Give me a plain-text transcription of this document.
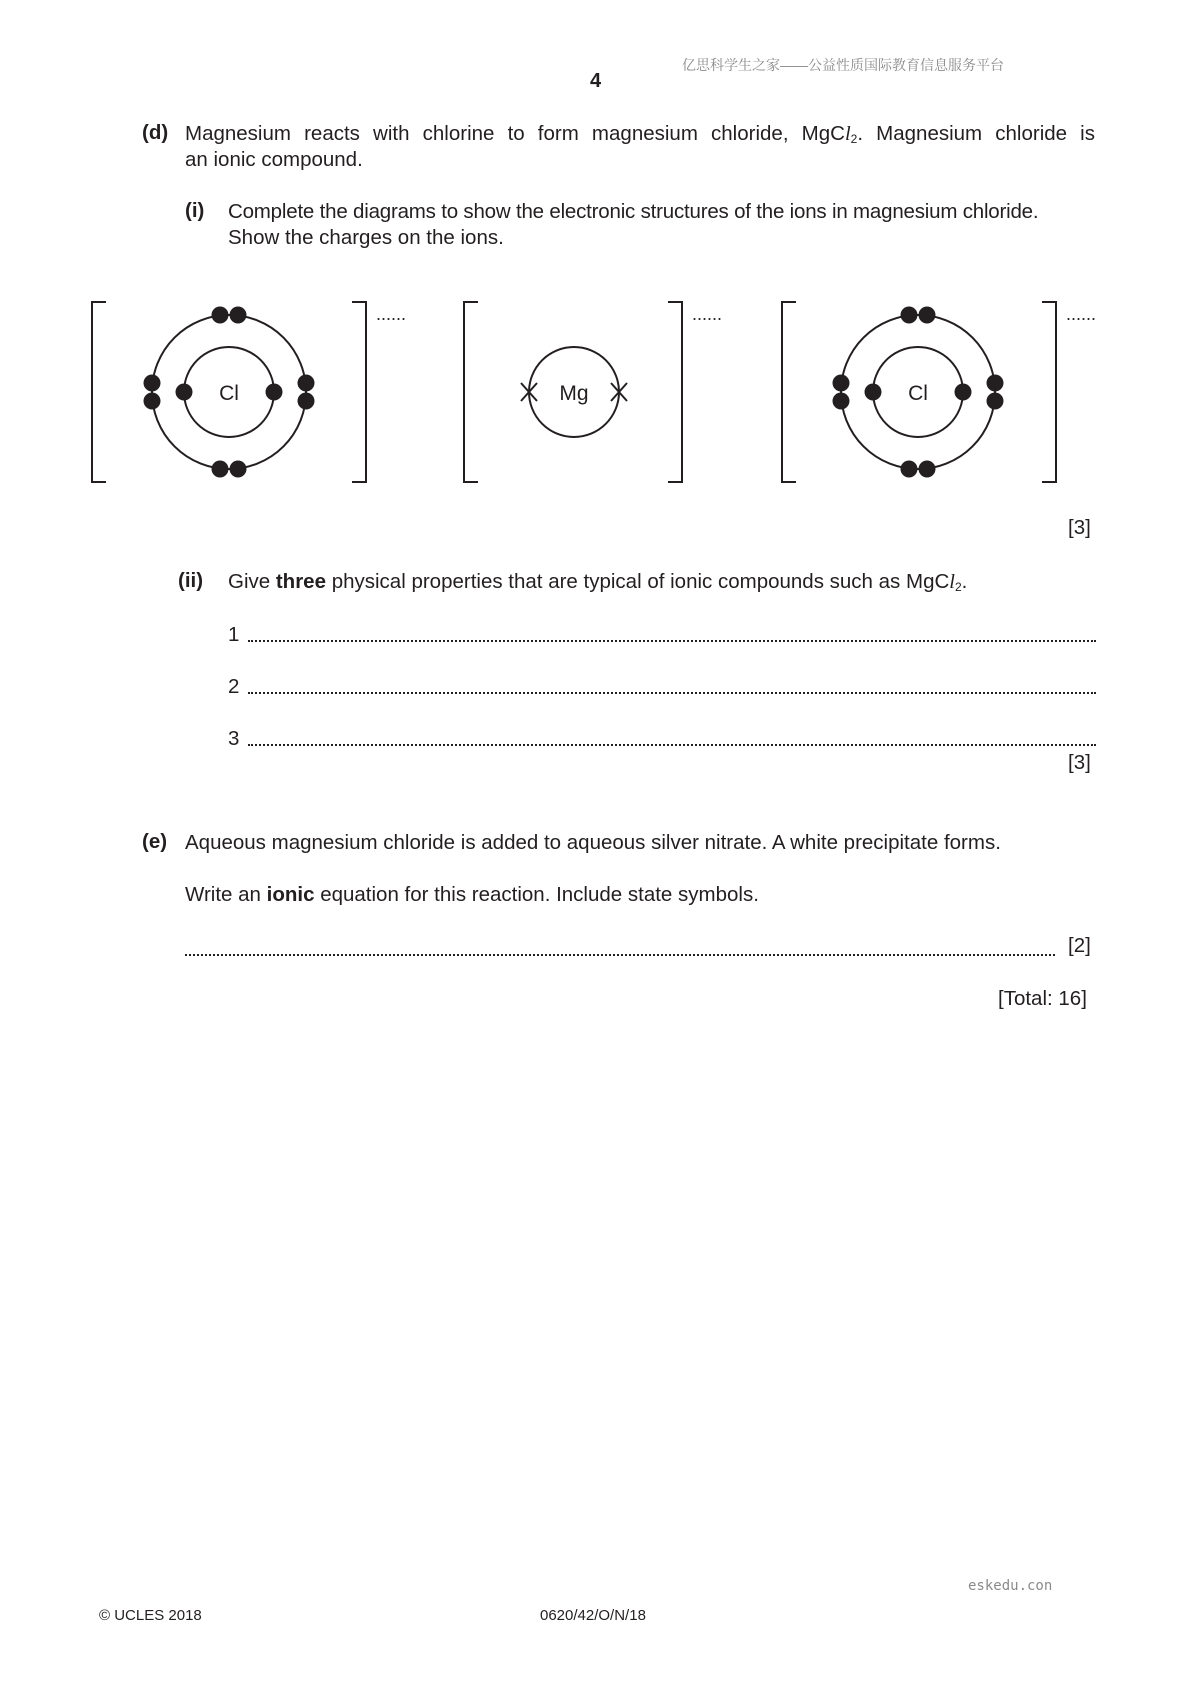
亿思科学生之家——公益性质国际教育信息服务平台
4
(d) Magnesium reacts with chlorine to form magnesium chloride, MgCl$_2$. Magnesium chloride is
an ionic compound.
(i) Complete the diagrams to show the electronic structures of the ions in magnesium chloride.
Show the charges on the ions.
Cl	Mg	Cl
......	......	......
[3]
(ii) Give three physical properties that are typical of ionic compounds such as MgCl$_2$.
1
2
3
[3]
(e) Aqueous magnesium chloride is added to aqueous silver nitrate. A white precipitate forms.
Write an ionic equation for this reaction. Include state symbols.
[2]
[Total: 16]
eskedu.con
© UCLES 2018	0620/42/O/N/18
